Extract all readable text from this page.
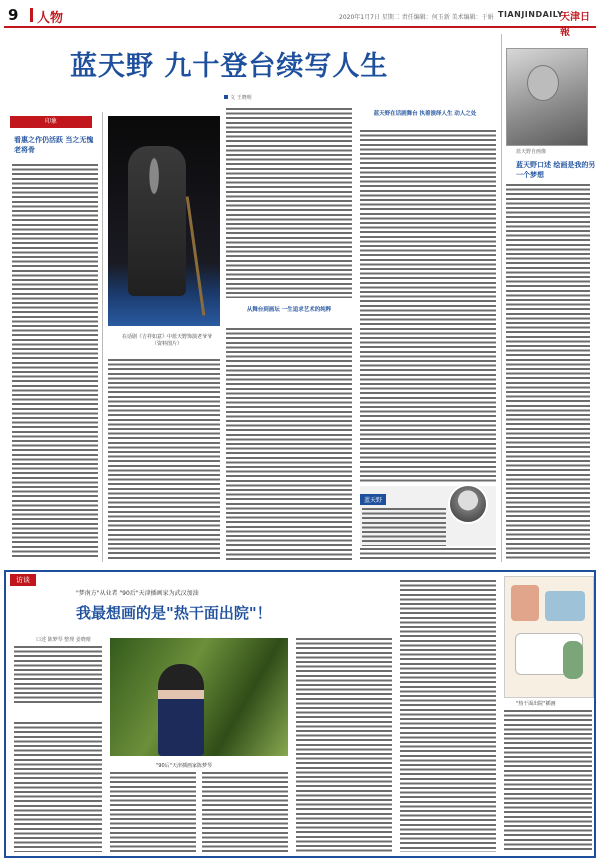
9 人物	2020年1月7日 星期二 责任编辑：何玉新 美术编辑：于娟 TIANJINDAILY
天津日報
蓝天野 九十登台续写人生
文 王晓明
印象
看惠之作仍活跃 当之无愧老将骨
在话剧《吉祥如意》中蓝天野饰演老爷爷（资料图片）
从舞台到画坛 一生追求艺术的纯粹
蓝天野在话剧舞台 执着演绎人生 动人之处
蓝天野
蓝天野自画像
蓝天野口述 绘画是我的另一个梦想
访谈
"梦南方"从业者 "90后"天津插画家为武汉加油
我最想画的是"热干面出院"！
口述 陈梦琴 整理 姜晓晴
"90后"天津插画家陈梦琴
"热干面出院"插画
